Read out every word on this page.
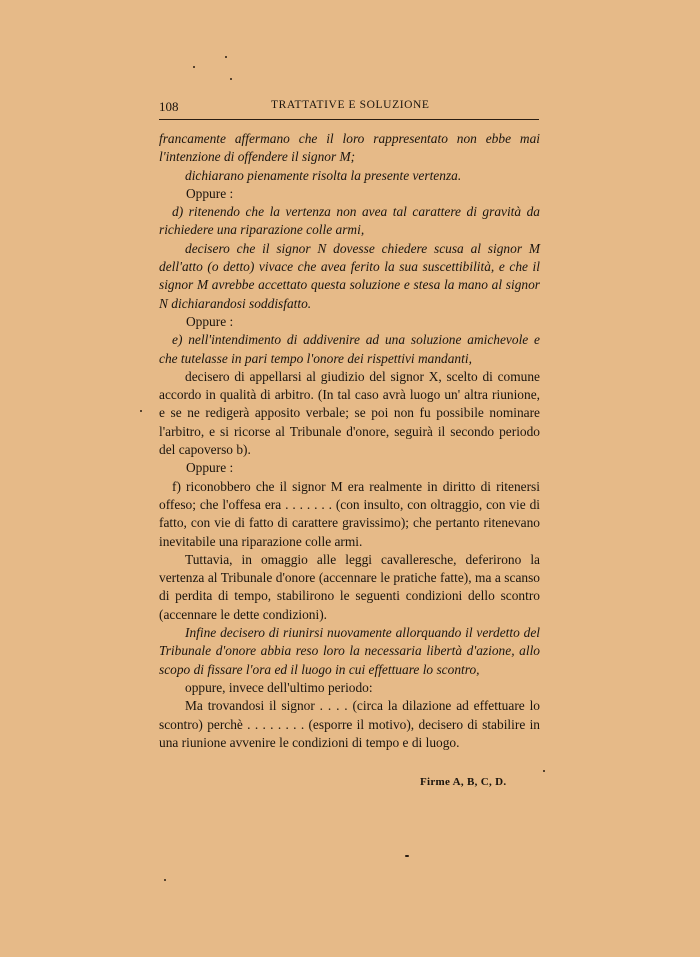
108	TRATTATIVE E SOLUZIONE

francamente affermano che il loro rappresentato non ebbe mai l'intenzione di offendere il signor M;

dichiarano pienamente risolta la presente vertenza.

Oppure :

d) ritenendo che la vertenza non avea tal carattere di gravità da richiedere una riparazione colle armi,

decisero che il signor N dovesse chiedere scusa al signor M dell'atto (o detto) vivace che avea ferito la sua suscettibilità, e che il signor M avrebbe accettato questa soluzione e stesa la mano al signor N dichiarandosi soddisfatto.

Oppure :

e) nell'intendimento di addivenire ad una soluzione amichevole e che tutelasse in pari tempo l'onore dei rispettivi mandanti,

decisero di appellarsi al giudizio del signor X, scelto di comune accordo in qualità di arbitro. (In tal caso avrà luogo un' altra riunione, e se ne redigerà apposito verbale; se poi non fu possibile nominare l'arbitro, e si ricorse al Tribunale d'onore, seguirà il secondo periodo del capoverso b).

Oppure :

f) riconobbero che il signor M era realmente in diritto di ritenersi offeso; che l'offesa era . . . . . . . (con insulto, con oltraggio, con vie di fatto, con vie di fatto di carattere gravissimo); che pertanto ritenevano inevitabile una riparazione colle armi.

Tuttavia, in omaggio alle leggi cavalleresche, deferirono la vertenza al Tribunale d'onore (accennare le pratiche fatte), ma a scanso di perdita di tempo, stabilirono le seguenti condizioni dello scontro (accennare le dette condizioni).

Infine decisero di riunirsi nuovamente allorquando il verdetto del Tribunale d'onore abbia reso loro la necessaria libertà d'azione, allo scopo di fissare l'ora ed il luogo in cui effettuare lo scontro,

oppure, invece dell'ultimo periodo:

Ma trovandosi il signor . . . . (circa la dilazione ad effettuare lo scontro) perchè . . . . . . . . (esporre il motivo), decisero di stabilire in una riunione avvenire le condizioni di tempo e di luogo.

Firme A, B, C, D.
